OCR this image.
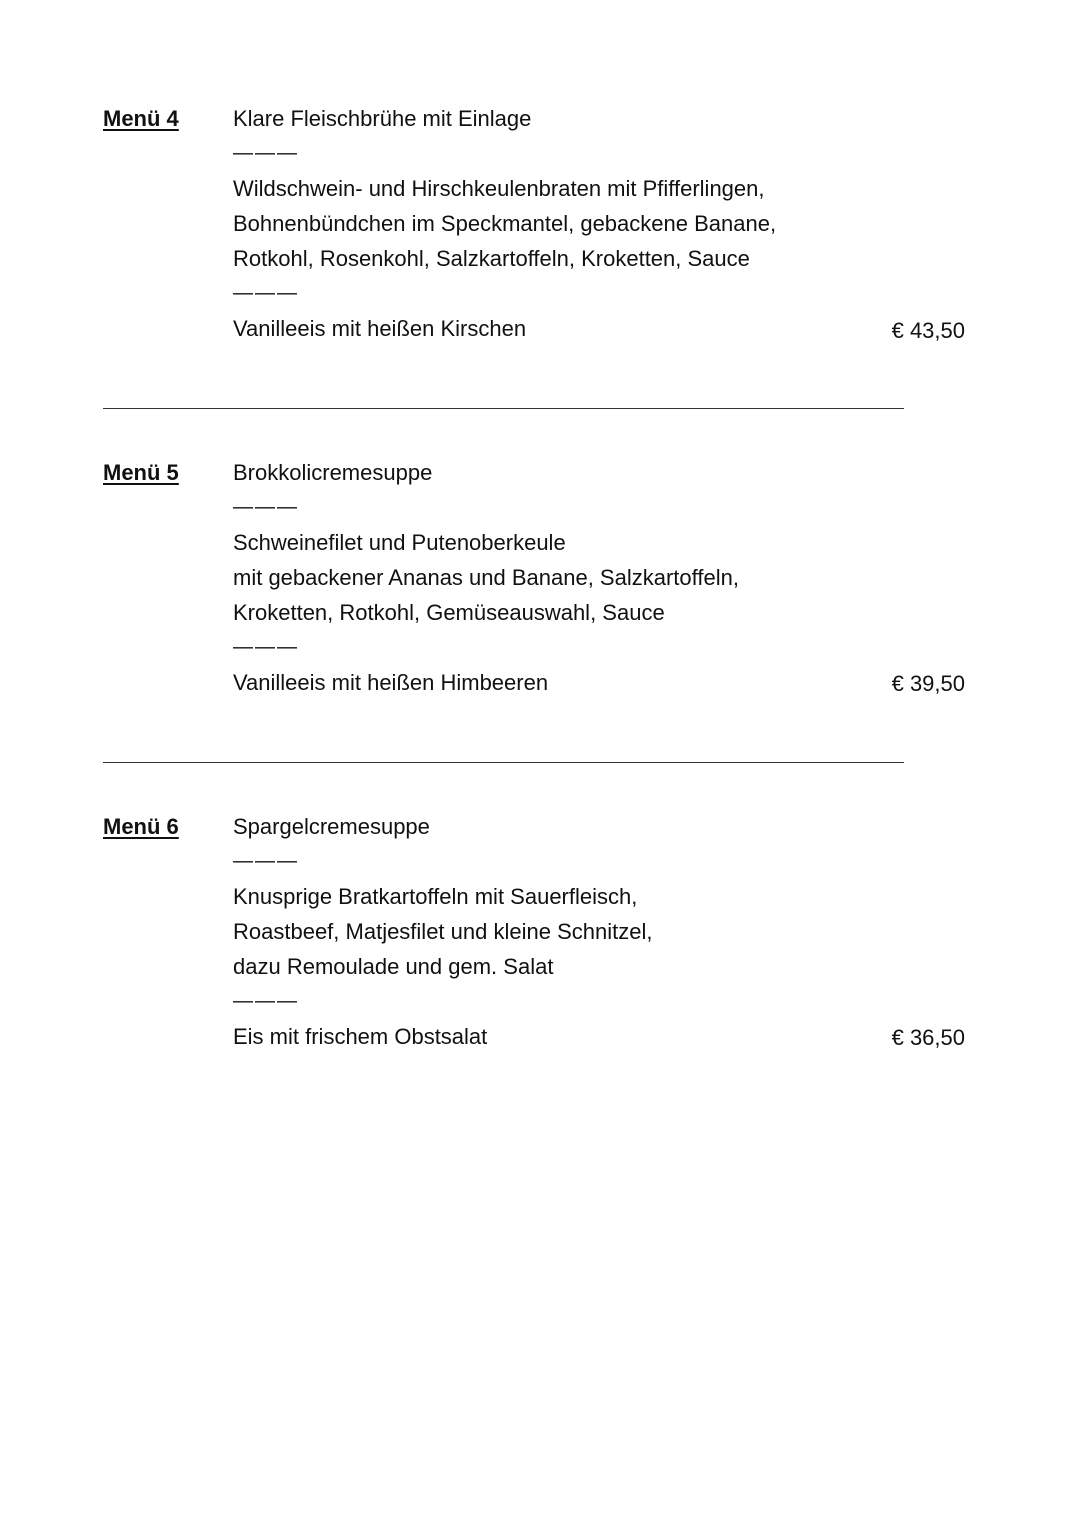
Menü 4 Klare Fleischbrühe mit Einlage
———
Wildschwein- und Hirschkeulenbraten mit Pfifferlingen,
Bohnenbündchen im Speckmantel, gebackene Banane,
Rotkohl, Rosenkohl, Salzkartoffeln, Kroketten, Sauce
———
Vanilleeis mit heißen Kirschen	€ 43,50
Menü 5 Brokkolicremesuppe
———
Schweinefilet und Putenoberkeule
mit gebackener Ananas und Banane, Salzkartoffeln,
Kroketten, Rotkohl, Gemüseauswahl, Sauce
———
Vanilleeis mit heißen Himbeeren	€ 39,50
Menü 6 Spargelcremesuppe
———
Knusprige Bratkartoffeln mit Sauerfleisch,
Roastbeef, Matjesfilet und kleine Schnitzel,
dazu Remoulade und gem. Salat
———
Eis mit frischem Obstsalat	€ 36,50
